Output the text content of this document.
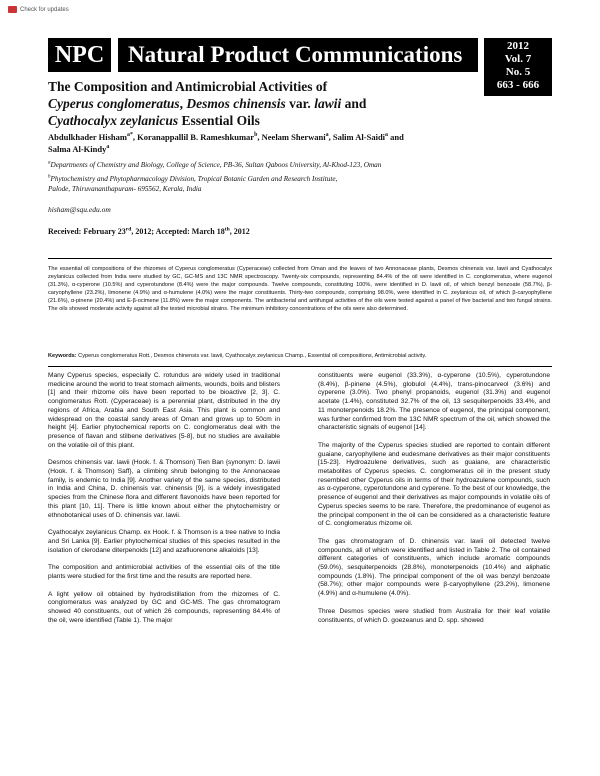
Check for updates
NPC	Natural Product Communications	2012
Vol. 7
No. 5
663 - 666
The Composition and Antimicrobial Activities of
Cyperus conglomeratus, Desmos chinensis var. lawii and
Cyathocalyx zeylanicus Essential Oils
Abdulkhader Hisham$^{a*}$, Koranappallil B. Rameshkumar$^b$, Neelam Sherwani$^a$, Salim Al-Saidi$^a$ and
Salma Al-Kindy$^a$
$^a$Departments of Chemistry and Biology, College of Science, PB-36, Sultan Qaboos University, Al-Khod-123, Oman
$^b$Phytochemistry and Phytopharmacology Division, Tropical Botanic Garden and Research Institute,
Palode, Thiruvananthapuram- 695562, Kerala, India
hisham@squ.edu.om
Received: February 23rd, 2012; Accepted: March 18th, 2012
The essential oil compositions of the rhizomes of Cyperus conglomeratus (Cyperaceae) collected from Oman and the leaves of two Annonaceae plants, Desmos chinensis var. lawii and Cyathocalyx zeylanicus collected from India were studied by GC, GC-MS and 13C NMR spectroscopy. Twenty-six compounds, representing 84.4% of the oil were identified in C. conglomeratus, where eugenol (31.3%), α-cyperone (10.5%) and cyperotundone (8.4%) were the major compounds. Twelve compounds, constituting 100%, were identified in D. lawii oil, of which benzyl benzoate (58.7%), β-caryophyllene (23.2%), limonene (4.9%) and α-humulene (4.0%) were the major constituents. Thirty-two compounds, comprising 98.0%, were identified in C. zeylanicus oil, of which β-caryophyllene (21.6%), α-pinene (20.4%) and E-β-ocimene (11.8%) were the major components. The antibacterial and antifungal activities of the oils were tested against a panel of five bacterial and two fungal strains. The oils showed moderate activity against all the tested microbial strains. The minimum inhibitory concentrations of the oils were also determined.
Keywords: Cyperus conglomeratus Rott., Desmos chinensis var. lawii, Cyathocalyx zeylanicus Champ., Essential oil compositions, Antimicrobial activity.

Many Cyperus species, especially C. rotundus are widely used in traditional medicine around the world to treat stomach ailments, wounds, boils and blisters [1] and their rhizome oils have been reported to be bioactive [2, 3]. C. conglomeratus Rott. (Cyperaceae) is a perennial plant, distributed in the dry regions of Africa, Arabia and South East Asia. This plant is common and widespread on the coastal sandy areas of Oman and grows up to 50cm in height [4]. Earlier phytochemical reports on C. conglomeratus deal with the presence of flavan and stilbene derivatives [5-8], but no studies are available on the volatile oil of this plant.

Desmos chinensis var. lawii (Hook. f. & Thomson) Tien Ban {synonym: D. lawii (Hook. f. & Thomson) Saff}, a climbing shrub belonging to the Annonaceae family, is endemic to India [9]. Another variety of the same species, distributed in India and China, D. chinensis var. chinensis [9], is a widely investigated species from the Chinese flora and different flavonoids have been reported for this plant [10, 11]. There is little known about either the phytochemistry or ethnobotanical uses of D. chinensis var. lawii.

Cyathocalyx zeylanicus Champ. ex Hook. f. & Thomson is a tree native to India and Sri Lanka [9]. Earlier phytochemical studies of this species resulted in the isolation of clerodane diterpenoids [12] and azafluorenone alkaloids [13].

The composition and antimicrobial activities of the essential oils of the title plants were studied for the first time and the results are reported here.

A light yellow oil obtained by hydrodistillation from the rhizomes of C. conglomeratus was analyzed by GC and GC-MS. The gas chromatogram showed 40 constituents, out of which 26 compounds, representing 84.4% of the oil, were identified (Table 1). The major

constituents were eugenol (33.3%), α-cyperone (10.5%), cyperotundone (8.4%), β-pinene (4.5%), globulol (4.4%), trans-pinocarveol (3.6%) and cyperene (3.0%). Two phenyl propanoids, eugenol (31.3%) and eugenol acetate (1.4%), constituted 32.7% of the oil, 13 sesquiterpenoids 33.4%, and 11 monoterpenoids 18.2%. The presence of eugenol, the principal component, was further confirmed from the 13C NMR spectrum of the oil, which showed the characteristic signals of eugenol [14].

The majority of the Cyperus species studied are reported to contain different guaiane, caryophyllene and eudesmane derivatives as their major constituents [15-23]. Hydroazulene derivatives, such as guaiane, are characteristic metabolites of Cyperus species. C. conglomeratus oil in the present study resembled other Cyperus oils in terms of their hydroazulene compounds, such as α-cyperone, cyperotundone and cyperene. To the best of our knowledge, the presence of eugenol and their derivatives as major compounds in volatile oils of Cyperus species seems to be rare. Therefore, the predominance of eugenol as the principal component in the oil can be considered as a characteristic feature of C. conglomeratus rhizome oil.

The gas chromatogram of D. chinensis var. lawii oil detected twelve compounds, all of which were identified and listed in Table 2. The oil contained different categories of constituents, which include aromatic compounds (59.0%), sesquiterpenoids (28.8%), monoterpenoids (10.4%) and aliphatic compounds (1.8%). The principal component of the oil was benzyl benzoate (58.7%); other major compounds were β-caryophyllene (23.2%), limonene (4.9%) and α-humulene (4.0%).

Three Desmos species were studied from Australia for their leaf volatile constituents, of which D. goezeanus and D. spp. showed
